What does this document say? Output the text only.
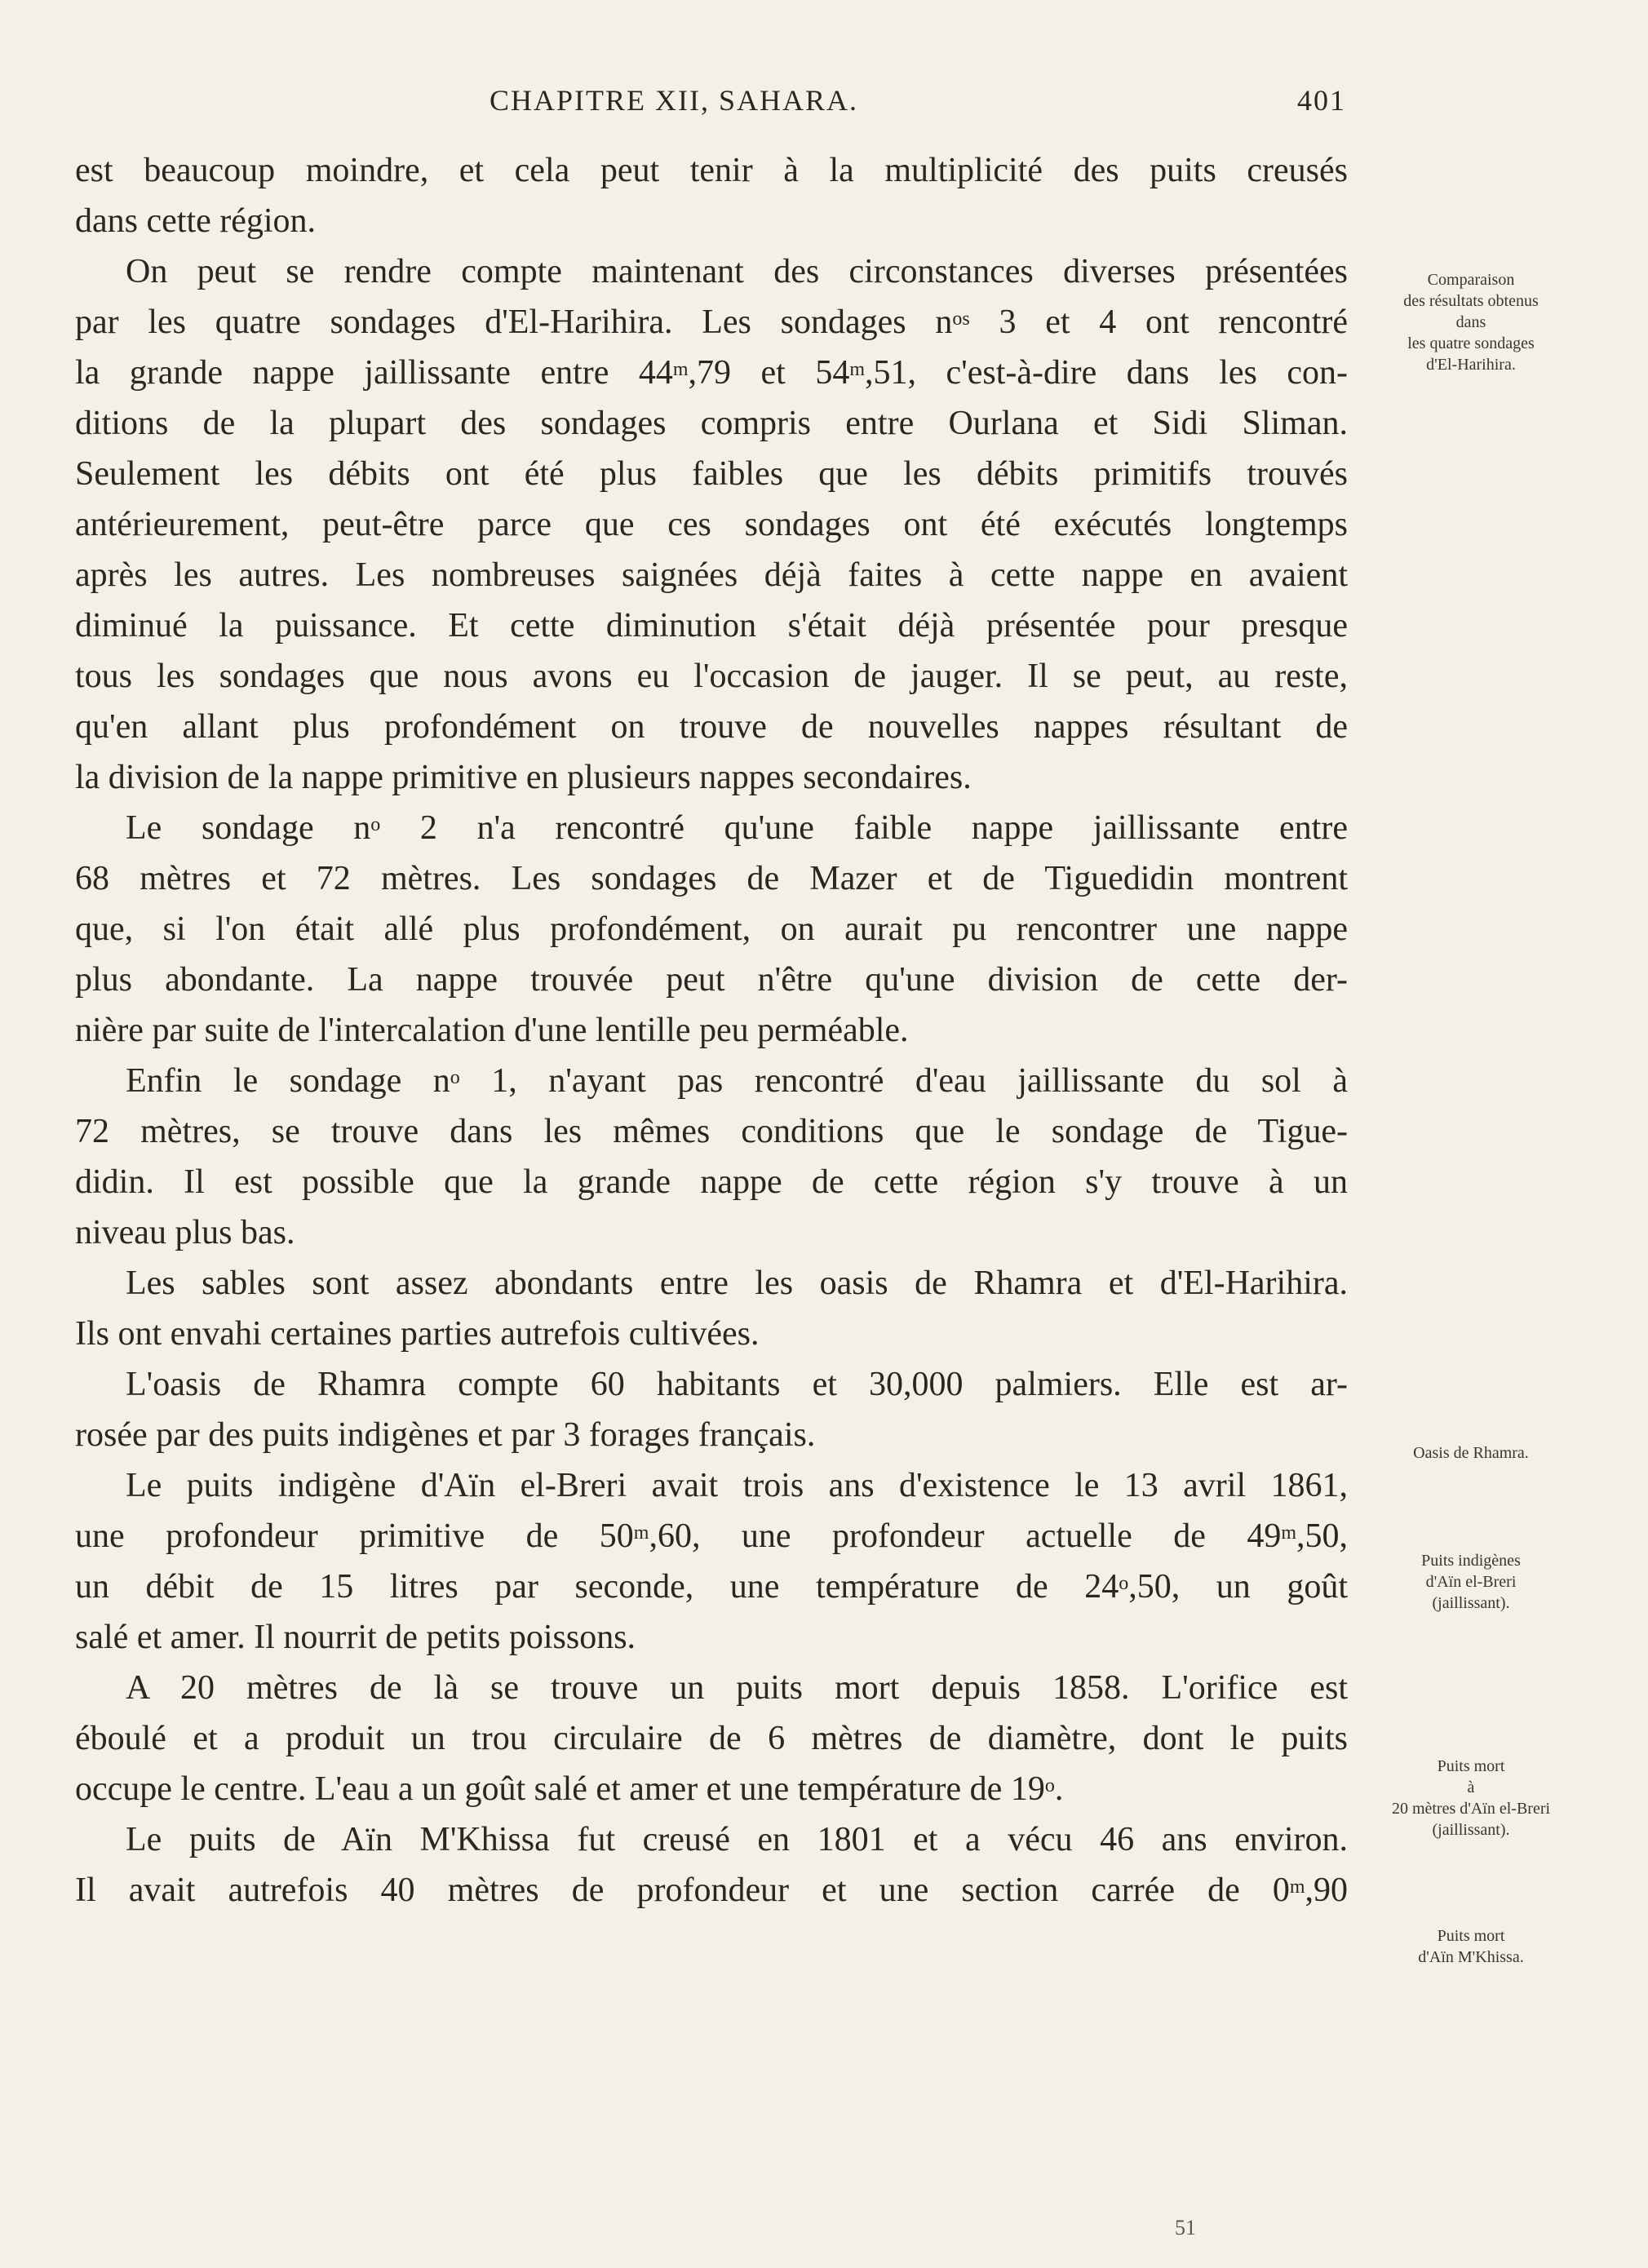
CHAPITRE XII, SAHARA.	401
est beaucoup moindre, et cela peut tenir à la multiplicité des puits creusés
dans cette région.
On peut se rendre compte maintenant des circonstances diverses présentées
par les quatre sondages d'El-Harihira. Les sondages $n^{os}$ 3 et 4 ont rencontré
la grande nappe jaillissante entre 44$^m$,79 et 54$^m$,51, c'est-à-dire dans les con-
ditions de la plupart des sondages compris entre Ourlana et Sidi Sliman.
Seulement les débits ont été plus faibles que les débits primitifs trouvés
antérieurement, peut-être parce que ces sondages ont été exécutés longtemps
après les autres. Les nombreuses saignées déjà faites à cette nappe en avaient
diminué la puissance. Et cette diminution s'était déjà présentée pour presque
tous les sondages que nous avons eu l'occasion de jauger. Il se peut, au reste,
qu'en allant plus profondément on trouve de nouvelles nappes résultant de
la division de la nappe primitive en plusieurs nappes secondaires.
Le sondage $n^o$ 2 n'a rencontré qu'une faible nappe jaillissante entre
68 mètres et 72 mètres. Les sondages de Mazer et de Tiguedidin montrent
que, si l'on était allé plus profondément, on aurait pu rencontrer une nappe
plus abondante. La nappe trouvée peut n'être qu'une division de cette der-
nière par suite de l'intercalation d'une lentille peu perméable.
Enfin le sondage $n^o$ 1, n'ayant pas rencontré d'eau jaillissante du sol à
72 mètres, se trouve dans les mêmes conditions que le sondage de Tigue-
didin. Il est possible que la grande nappe de cette région s'y trouve à un
niveau plus bas.
Les sables sont assez abondants entre les oasis de Rhamra et d'El-Harihira.
Ils ont envahi certaines parties autrefois cultivées.
L'oasis de Rhamra compte 60 habitants et 30,000 palmiers. Elle est ar-
rosée par des puits indigènes et par 3 forages français.
Le puits indigène d'Aïn el-Breri avait trois ans d'existence le 13 avril 1861,
une profondeur primitive de 50$^m$,60, une profondeur actuelle de 49$^m$,50,
un débit de 15 litres par seconde, une température de 24$^o$,50, un goût
salé et amer. Il nourrit de petits poissons.
A 20 mètres de là se trouve un puits mort depuis 1858. L'orifice est
éboulé et a produit un trou circulaire de 6 mètres de diamètre, dont le puits
occupe le centre. L'eau a un goût salé et amer et une température de 19$^o$.
Le puits de Aïn M'Khissa fut creusé en 1801 et a vécu 46 ans environ.
Il avait autrefois 40 mètres de profondeur et une section carrée de 0$^m$,90
Comparaison
des résultats obtenus
dans
les quatre sondages
d'El-Harihira.
Oasis de Rhamra.
Puits indigènes
d'Aïn el-Breri
(jaillissant).
Puits mort
à
20 mètres d'Aïn el-Breri
(jaillissant).
Puits mort
d'Aïn M'Khissa.
51
